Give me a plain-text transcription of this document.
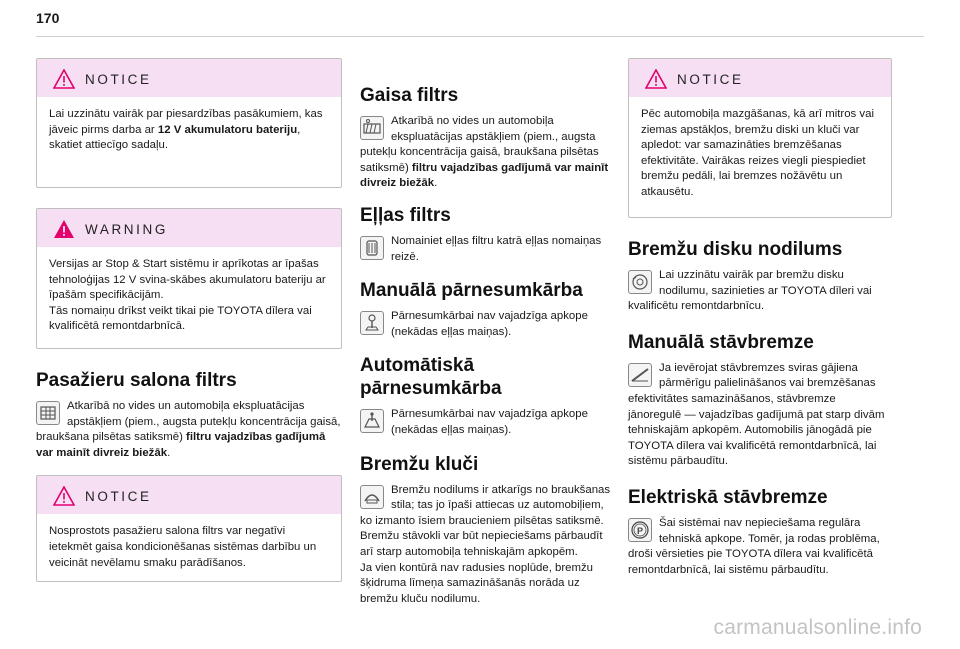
170
NOTICE

Lai uzzinātu vairāk par piesardzības pasākumiem, kas jāveic pirms darba ar 12 V akumulatoru bateriju, skatiet attiecīgo sadaļu.

WARNING

Versijas ar Stop & Start sistēmu ir aprīkotas ar īpašas tehnoloģijas 12 V svina-skābes akumulatoru bateriju ar īpašām specifikācijām.

Tās nomaiņu drīkst veikt tikai pie TOYOTA dīlera vai kvalificētā remontdarbnīcā.

Pasažieru salona filtrs
Atkarībā no vides un automobiļa ekspluatācijas apstākļiem (piem., augsta putekļu koncentrācija gaisā, braukšana pilsētas satiksmē) filtru vajadzības gadījumā var mainīt divreiz biežāk.
NOTICE

Nosprostots pasažieru salona filtrs var negatīvi ietekmēt gaisa kondicionēšanas sistēmas darbību un veicināt nevēlamu smaku parādīšanos.

Gaisa filtrs
Atkarībā no vides un automobiļa ekspluatācijas apstākļiem (piem., augsta putekļu koncentrācija gaisā, braukšana pilsētas satiksmē) filtru vajadzības gadījumā var mainīt divreiz biežāk.
Eļļas filtrs
Nomainiet eļļas filtru katrā eļļas nomaiņas reizē.
Manuālā pārnesumkārba
Pārnesumkārbai nav vajadzīga apkope (nekādas eļļas maiņas).
Automātiskā
pārnesumkārba
Pārnesumkārbai nav vajadzīga apkope (nekādas eļļas maiņas).
Bremžu kluči
Bremžu nodilums ir atkarīgs no braukšanas stila; tas jo īpaši attiecas uz automobiļiem, ko izmanto īsiem braucieniem pilsētas satiksmē. Bremžu stāvokli var būt nepieciešams pārbaudīt arī starp automobiļa tehniskajām apkopēm.
Ja vien kontūrā nav radusies noplūde, bremžu šķidruma līmeņa samazināšanās norāda uz bremžu kluču nodilumu.
NOTICE

Pēc automobiļa mazgāšanas, kā arī mitros vai ziemas apstākļos, bremžu diski un kluči var apledot: var samazināties bremzēšanas efektivitāte. Vairākas reizes viegli piespiediet bremžu pedāli, lai bremzes nožāvētu un atkausētu.

Bremžu disku nodilums
Lai uzzinātu vairāk par bremžu disku nodilumu, sazinieties ar TOYOTA dīleri vai kvalificētu remontdarbnīcu.
Manuālā stāvbremze
Ja ievērojat stāvbremzes sviras gājiena pārmērīgu palielināšanos vai bremzēšanas efektivitātes samazināšanos, stāvbremze jānoregulē — vajadzības gadījumā pat starp divām tehniskajām apkopēm. Automobilis jānogādā pie TOYOTA dīlera vai kvalificētā remontdarbnīcā, lai sistēmu pārbaudītu.
Elektriskā stāvbremze
P
Šai sistēmai nav nepieciešama regulāra tehniskā apkope. Tomēr, ja rodas problēma, droši vērsieties pie TOYOTA dīlera vai kvalificētā remontdarbnīcā, lai sistēmu pārbaudītu.
carmanualsonline.info
